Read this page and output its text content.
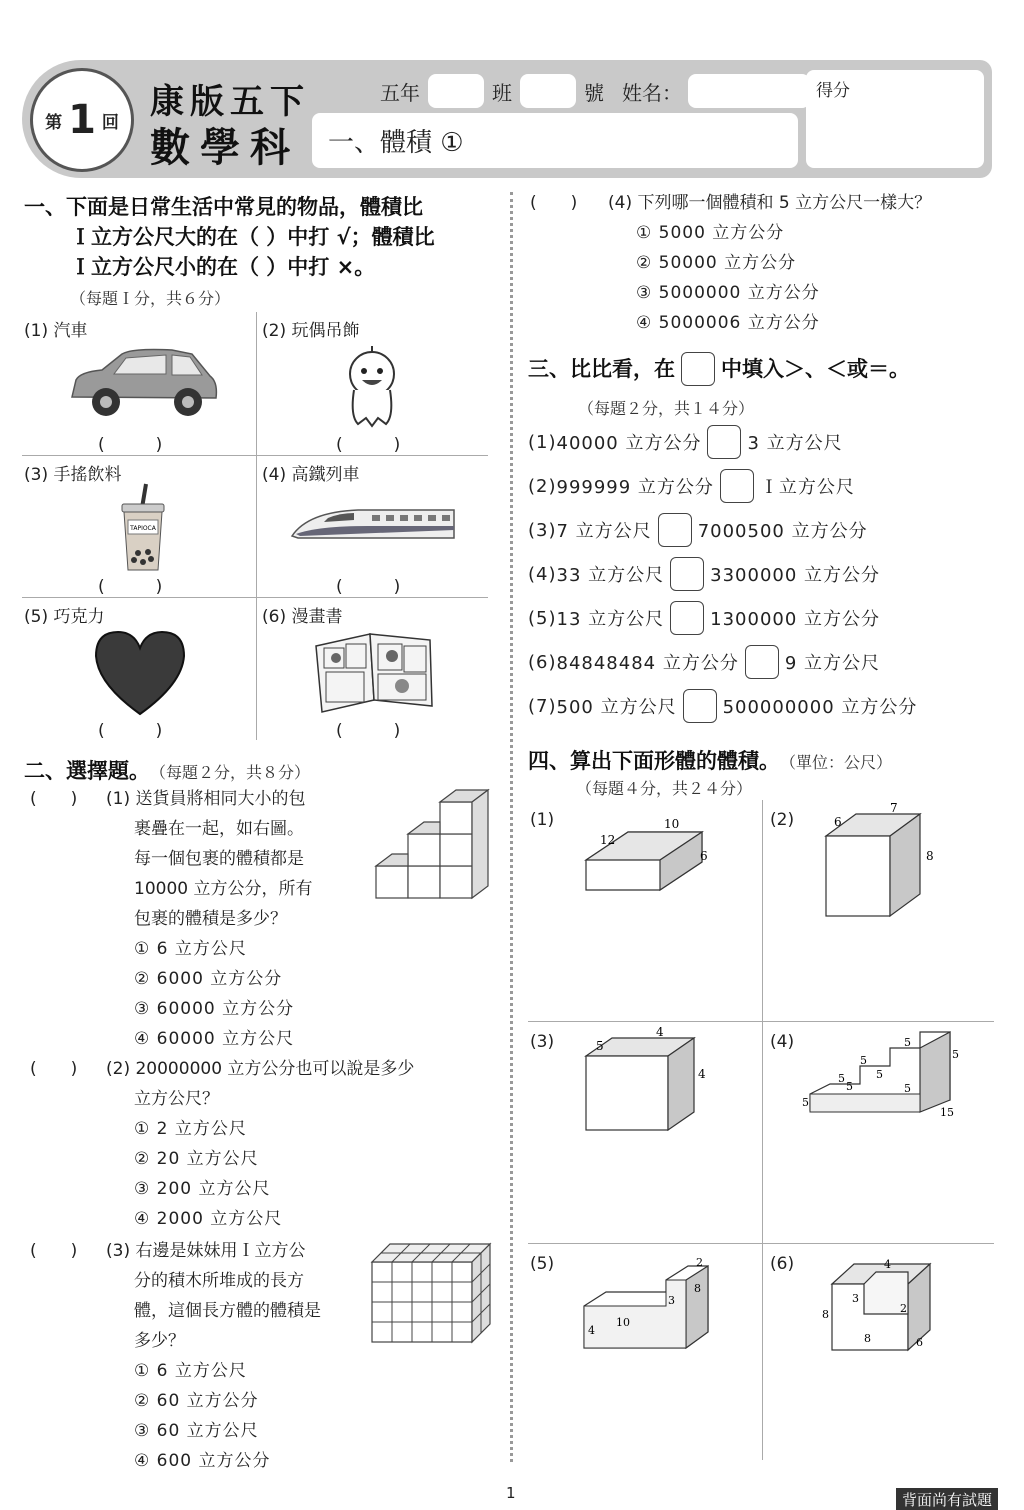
第 1 回
康版五下
數學科
五年	班	號 姓名：
一、體積 ①
得分
一、下面是日常生活中常見的物品，體積比
Ｉ立方公尺大的在（ ）中打 √；體積比
Ｉ立方公尺小的在（ ）中打 ×。
（每題Ｉ分，共６分）
(1) 汽車
(　　　)
(2) 玩偶吊飾
(　　　)
(3) 手搖飲料
TAPIOCA
(　　　)
(4) 高鐵列車
(　　　)
(5) 巧克力
(　　　)
(6) 漫畫書
(　　　)
二、選擇題。 （每題２分，共８分）
(　　) (1) 送貨員將相同大小的包
裹疊在一起，如右圖。
每一個包裹的體積都是
10000 立方公分，所有
包裹的體積是多少？
① 6 立方公尺
② 6000 立方公分
③ 60000 立方公分
④ 60000 立方公尺
(　　) (2) 20000000 立方公分也可以說是多少
立方公尺？
① 2 立方公尺
② 20 立方公尺
③ 200 立方公尺
④ 2000 立方公尺
(　　) (3) 右邊是妹妹用Ｉ立方公
分的積木所堆成的長方
體，這個長方體的體積是
多少？
① 6 立方公尺
② 60 立方公分
③ 60 立方公尺
④ 600 立方公分
(　　) (4) 下列哪一個體積和 5 立方公尺一樣大？
① 5000 立方公分
② 50000 立方公分
③ 5000000 立方公分
④ 5000006 立方公分
三、比比看，在 中填入＞、＜或＝。
（每題２分，共１４分）
(1) 40000 立方公分	3 立方公尺
(2) 999999 立方公分	Ｉ立方公尺
(3) 7 立方公尺	7000500 立方公分
(4) 33 立方公尺	3300000 立方公分
(5) 13 立方公尺	1300000 立方公分
(6) 84848484 立方公分	9 立方公尺
(7) 500 立方公尺	500000000 立方公分
四、算出下面形體的體積。 （單位：公尺）
（每題４分，共２４分）
(1)
12
10
6
(2)	6
7
8
(3)	5
4
4
(4)
5
5
5
5
5
5	5
5
15
(5)	2
8
3
10
4
(6)	4
3
2
8
8	6
1	背面尚有試題
